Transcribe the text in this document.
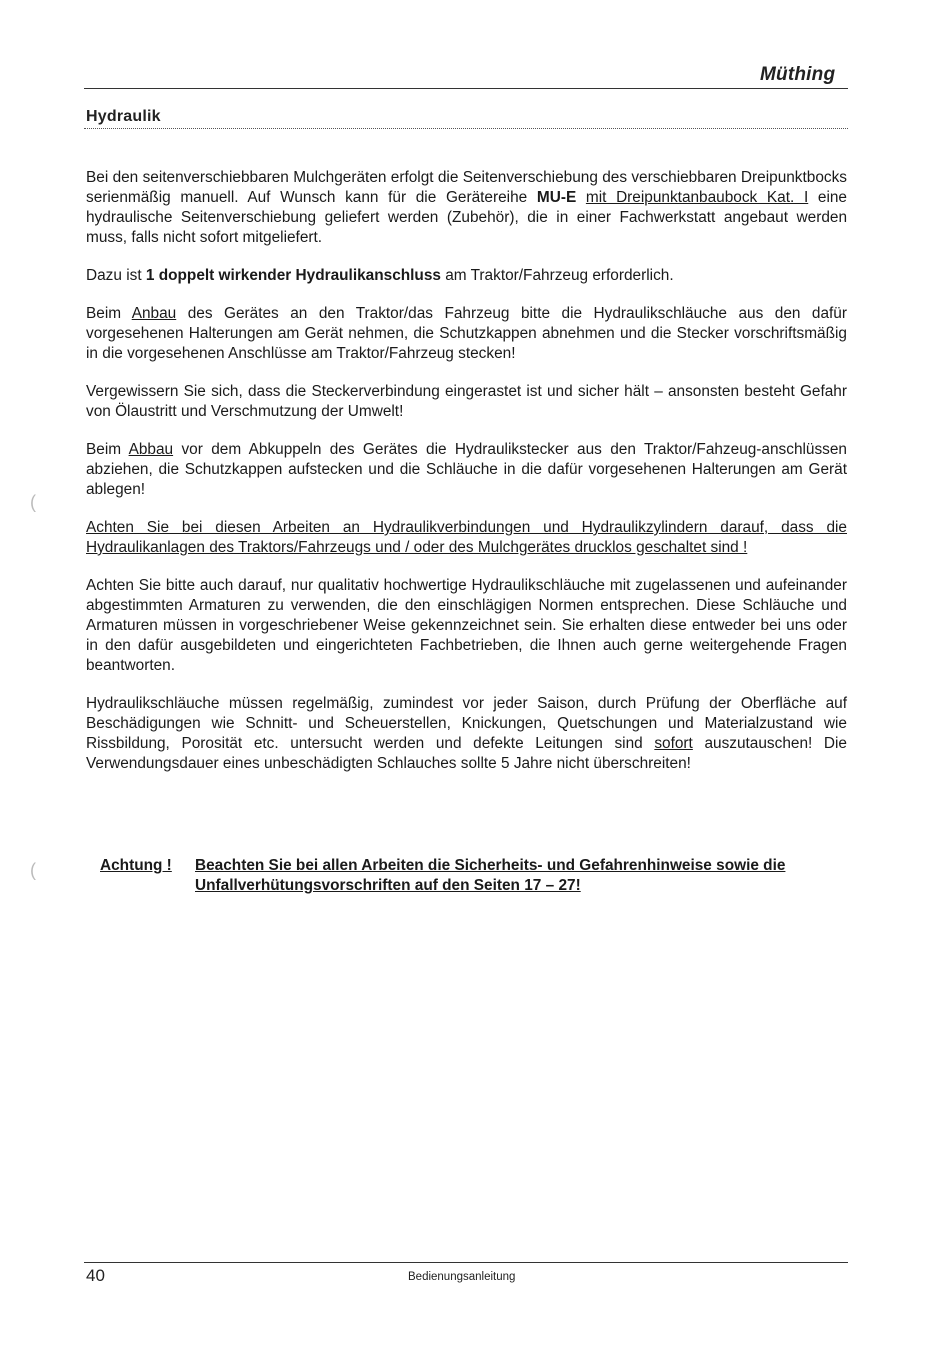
Müthing
Hydraulik

Bei den seitenverschiebbaren Mulchgeräten erfolgt die Seitenverschiebung des verschiebbaren Dreipunktbocks serienmäßig manuell. Auf Wunsch kann für die Gerätereihe MU-E mit Dreipunktanbaubock Kat. I eine hydraulische Seitenverschiebung geliefert werden (Zubehör), die in einer Fachwerkstatt angebaut werden muss, falls nicht sofort mitgeliefert.

Dazu ist 1 doppelt wirkender Hydraulikanschluss am Traktor/Fahrzeug erforderlich.

Beim Anbau des Gerätes an den Traktor/das Fahrzeug bitte die Hydraulikschläuche aus den dafür vorgesehenen Halterungen am Gerät nehmen, die Schutzkappen abnehmen und die Stecker vorschriftsmäßig in die vorgesehenen Anschlüsse am Traktor/Fahrzeug stecken!

Vergewissern Sie sich, dass die Steckerverbindung eingerastet ist und sicher hält – ansonsten besteht Gefahr von Ölaustritt und Verschmutzung der Umwelt!

Beim Abbau vor dem Abkuppeln des Gerätes die Hydraulikstecker aus den Traktor/Fahzeug-anschlüssen abziehen, die Schutzkappen aufstecken und die Schläuche in die dafür vorgesehenen Halterungen am Gerät ablegen!

Achten Sie bei diesen Arbeiten an Hydraulikverbindungen und Hydraulikzylindern darauf, dass die Hydraulikanlagen des Traktors/Fahrzeugs und / oder des Mulchgerätes drucklos geschaltet sind !

Achten Sie bitte auch darauf, nur qualitativ hochwertige Hydraulikschläuche mit zugelassenen und aufeinander abgestimmten Armaturen zu verwenden, die den einschlägigen Normen entsprechen. Diese Schläuche und Armaturen müssen in vorgeschriebener Weise gekennzeichnet sein. Sie erhalten diese entweder bei uns oder in den dafür ausgebildeten und eingerichteten Fachbetrieben, die Ihnen auch gerne weitergehende Fragen beantworten.

Hydraulikschläuche müssen regelmäßig, zumindest vor jeder Saison, durch Prüfung der Oberfläche auf Beschädigungen wie Schnitt- und Scheuerstellen, Knickungen, Quetschungen und Materialzustand wie Rissbildung, Porosität etc. untersucht werden und defekte Leitungen sind sofort auszutauschen! Die Verwendungsdauer eines unbeschädigten Schlauches sollte 5 Jahre nicht überschreiten!

(
(	Achtung ! Beachten Sie bei allen Arbeiten die Sicherheits- und Gefahrenhinweise sowie die Unfallverhütungsvorschriften auf den Seiten 17 – 27!
40	Bedienungsanleitung
